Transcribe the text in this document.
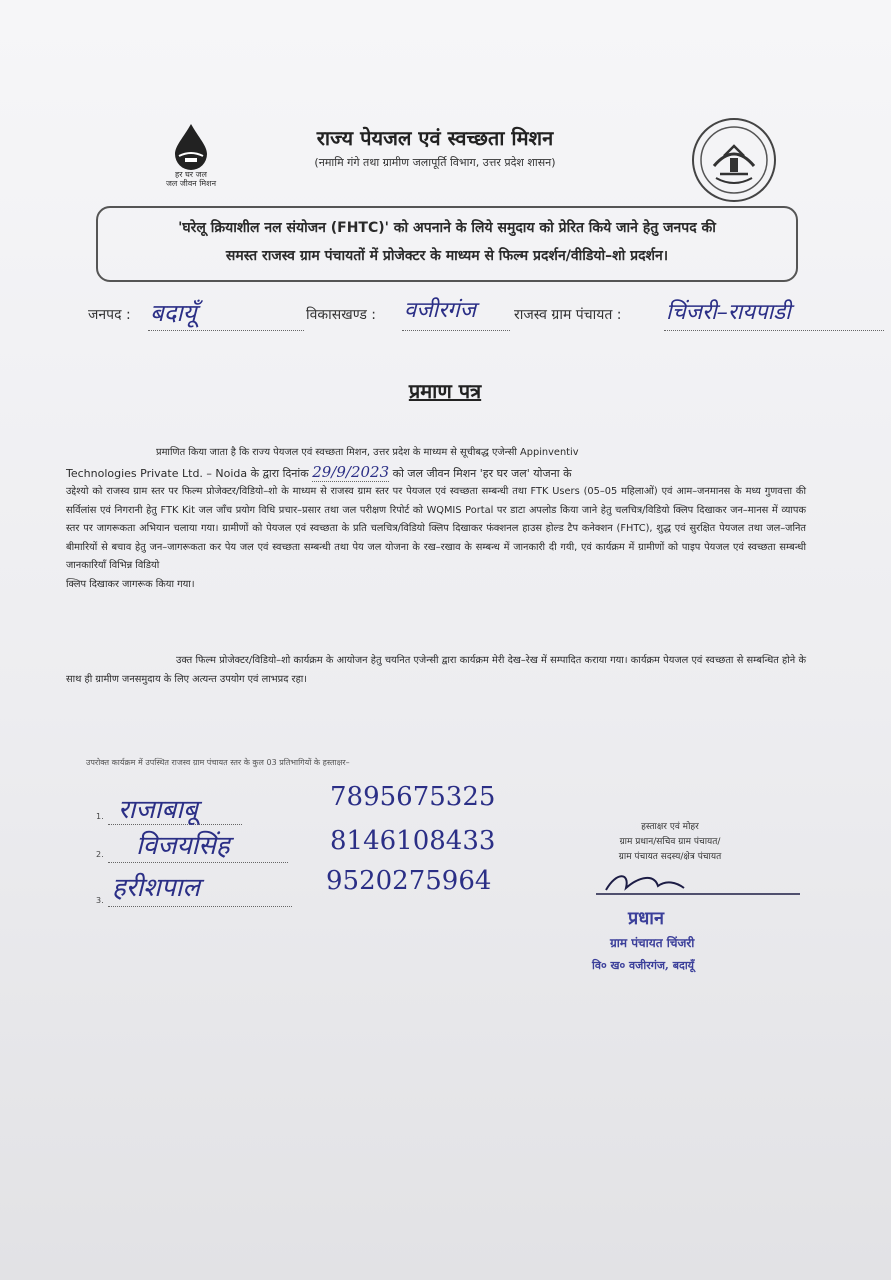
हर घर जल
जल जीवन मिशन
राज्य पेयजल एवं स्वच्छता मिशन
(नमामि गंगे तथा ग्रामीण जलापूर्ति विभाग, उत्तर प्रदेश शासन)
'घरेलू क्रियाशील नल संयोजन (FHTC)' को अपनाने के लिये समुदाय को प्रेरित किये जाने हेतु जनपद की
समस्त राजस्व ग्राम पंचायतों में प्रोजेक्टर के माध्यम से फिल्म प्रदर्शन/वीडियो–शो प्रदर्शन।
जनपद : बदायूँ	विकासखण्ड : वजीरगंज	राजस्व ग्राम पंचायत : चिंजरी–रायपाडी
प्रमाण पत्र

प्रमाणित किया जाता है कि राज्य पेयजल एवं स्वच्छता मिशन, उत्तर प्रदेश के माध्यम से सूचीबद्ध एजेन्सी Appinventiv

Technologies Private Ltd. – Noida के द्वारा दिनांक 29/9/2023 को जल जीवन मिशन 'हर घर जल' योजना के

उद्देश्यो को राजस्व ग्राम स्तर पर फिल्म प्रोजेक्टर/विडियो–शो के माध्यम से राजस्व ग्राम स्तर पर पेयजल एवं स्वच्छता सम्बन्धी तथा FTK Users (05–05 महिलाओं) एवं आम–जनमानस के मध्य गुणवत्ता की सर्विलांस एवं निगरानी हेतु FTK Kit जल जाँच प्रयोग विधि प्रचार–प्रसार तथा जल परीक्षण रिपोर्ट को WQMIS Portal पर डाटा अपलोड किया जाने हेतु चलचित्र/विडियो क्लिप दिखाकर जन–मानस में व्यापक स्तर पर जागरूकता अभियान चलाया गया। ग्रामीणों को पेयजल एवं स्वच्छता के प्रति चलचित्र/विडियो क्लिप दिखाकर फंक्शनल हाउस होल्ड टैप कनेक्शन (FHTC), शुद्ध एवं सुरक्षित पेयजल तथा जल–जनित बीमारियों से बचाव हेतु जन–जागरूकता कर पेय जल एवं स्वच्छता सम्बन्धी तथा पेय जल योजना के रख–रखाव के सम्बन्ध में जानकारी दी गयी, एवं कार्यक्रम में ग्रामीणों को पाइप पेयजल एवं स्वच्छता सम्बन्धी जानकारियाँ विभिन्न विडियो

क्लिप दिखाकर जागरूक किया गया।

उक्त फिल्म प्रोजेक्टर/विडियो–शो कार्यक्रम के आयोजन हेतु चयनित एजेन्सी द्वारा कार्यक्रम मेरी देख–रेख में सम्पादित कराया गया। कार्यक्रम पेयजल एवं स्वच्छता से सम्बन्धित होने के साथ ही ग्रामीण जनसमुदाय के लिए अत्यन्त उपयोग एवं लाभप्रद रहा।

उपरोक्त कार्यक्रम में उपस्थित राजस्व ग्राम पंचायत स्तर के कुल 03 प्रतिभागियों के हस्ताक्षर–
1. राजाबाबू	7895675325
2. विजयसिंह	8146108433
3. हरीशपाल	9520275964
हस्ताक्षर एवं मोहर
ग्राम प्रधान/सचिव ग्राम पंचायत/
ग्राम पंचायत सदस्य/क्षेत्र पंचायत
प्रधान
ग्राम पंचायत चिंजरी
वि० ख० वजीरगंज, बदायूँ
